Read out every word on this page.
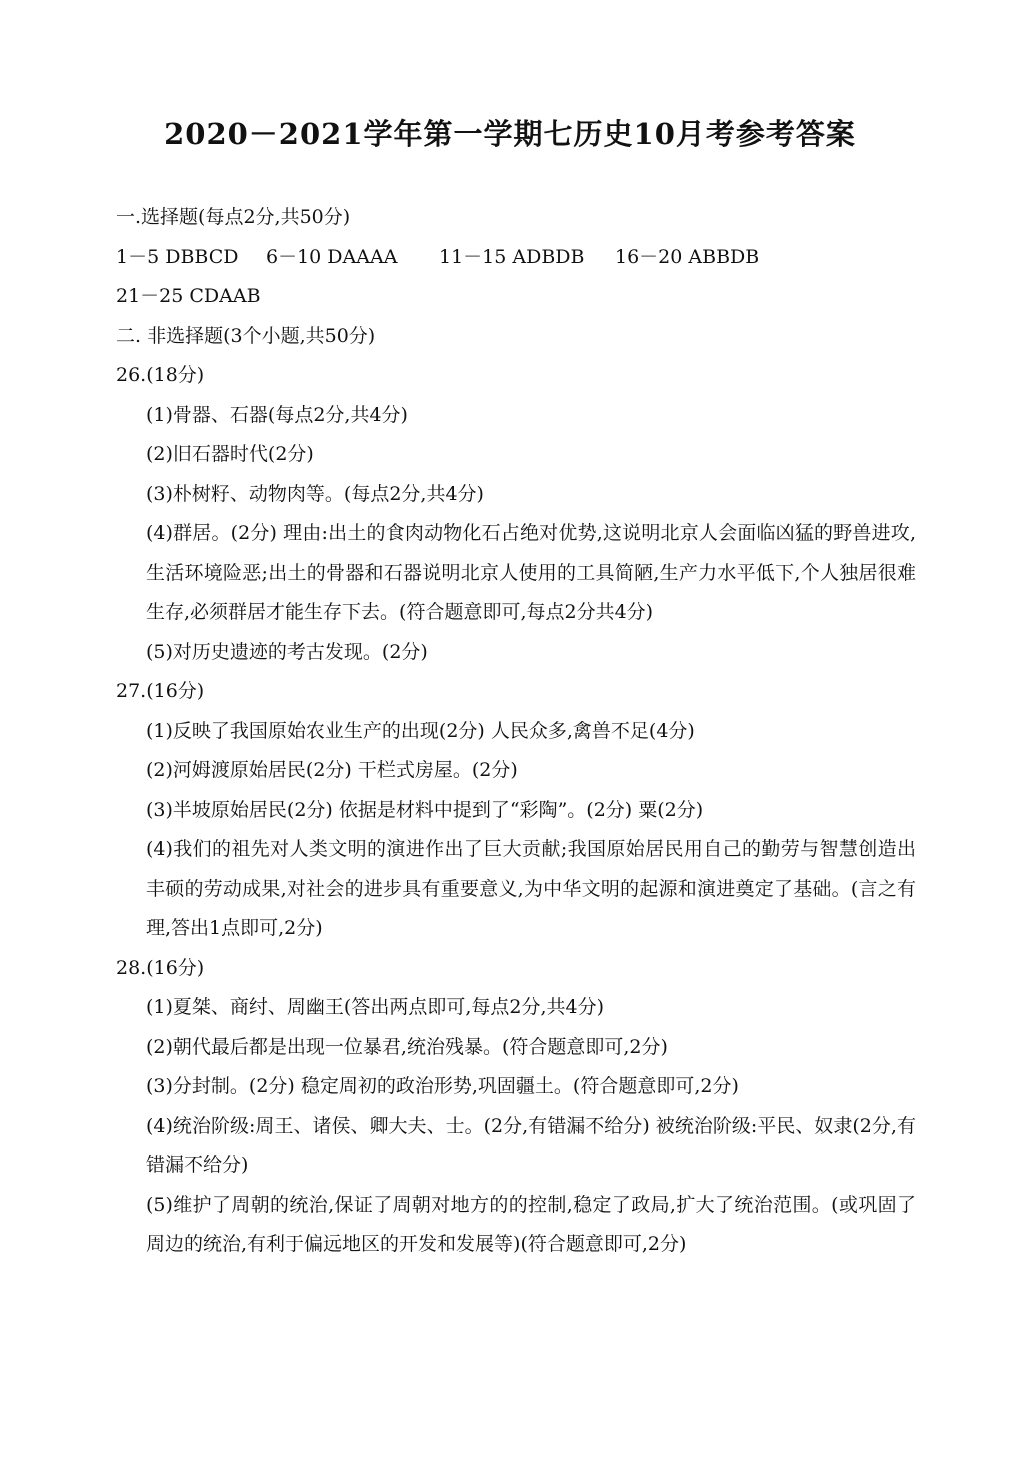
2020－2021学年第一学期七历史10月考参考答案
一.选择题(每点2分,共50分)
1－5 DBBCD 6－10 DAAAA 11－15 ADBDB 16－20 ABBDB
21－25 CDAAB
二. 非选择题(3个小题,共50分)
26.(18分)
(1)骨器、石器(每点2分,共4分)
(2)旧石器时代(2分)
(3)朴树籽、动物肉等。(每点2分,共4分)
(4)群居。(2分) 理由:出土的食肉动物化石占绝对优势,这说明北京人会面临凶猛的野兽进攻,生活环境险恶;出土的骨器和石器说明北京人使用的工具简陋,生产力水平低下,个人独居很难生存,必须群居才能生存下去。(符合题意即可,每点2分共4分)
(5)对历史遗迹的考古发现。(2分)
27.(16分)
(1)反映了我国原始农业生产的出现(2分) 人民众多,禽兽不足(4分)
(2)河姆渡原始居民(2分) 干栏式房屋。(2分)
(3)半坡原始居民(2分) 依据是材料中提到了“彩陶”。(2分) 粟(2分)
(4)我们的祖先对人类文明的演进作出了巨大贡献;我国原始居民用自己的勤劳与智慧创造出丰硕的劳动成果,对社会的进步具有重要意义,为中华文明的起源和演进奠定了基础。(言之有理,答出1点即可,2分)
28.(16分)
(1)夏桀、商纣、周幽王(答出两点即可,每点2分,共4分)
(2)朝代最后都是出现一位暴君,统治残暴。(符合题意即可,2分)
(3)分封制。(2分) 稳定周初的政治形势,巩固疆土。(符合题意即可,2分)
(4)统治阶级:周王、诸侯、卿大夫、士。(2分,有错漏不给分) 被统治阶级:平民、奴隶(2分,有错漏不给分)
(5)维护了周朝的统治,保证了周朝对地方的的控制,稳定了政局,扩大了统治范围。(或巩固了周边的统治,有利于偏远地区的开发和发展等)(符合题意即可,2分)
